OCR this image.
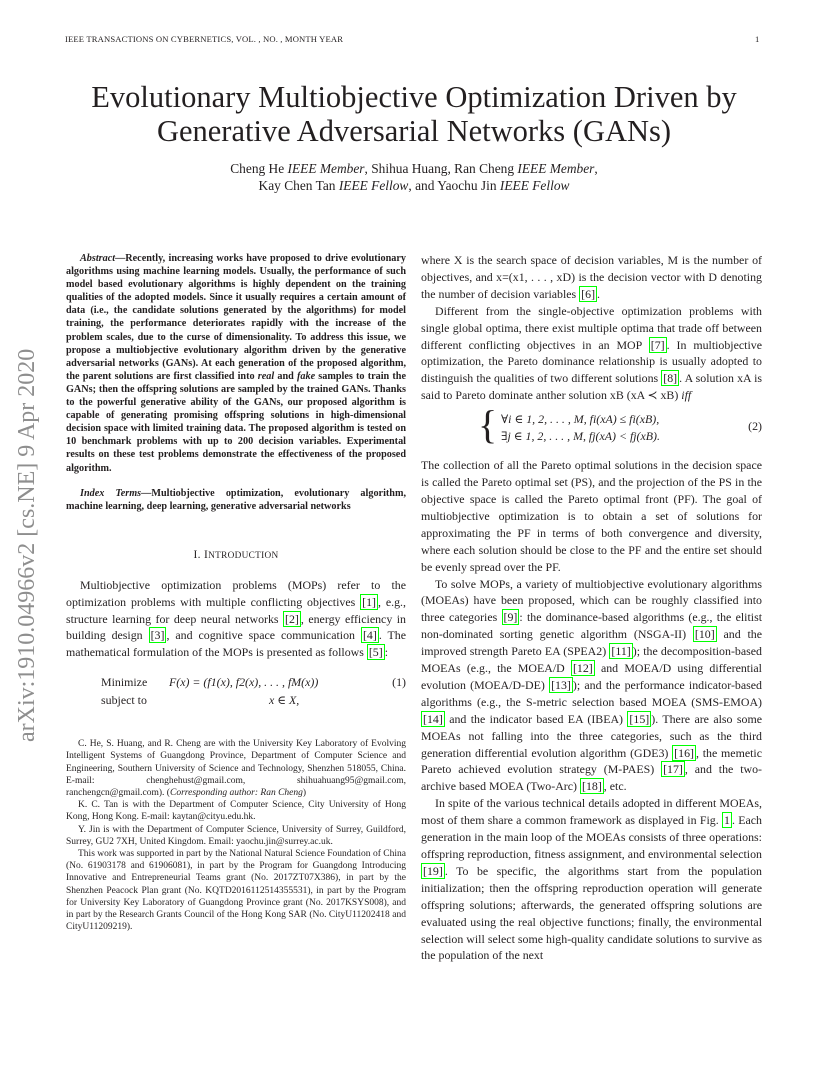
IEEE TRANSACTIONS ON CYBERNETICS, VOL. , NO. , MONTH YEAR	1
Evolutionary Multiobjective Optimization Driven by
Generative Adversarial Networks (GANs)
Cheng He IEEE Member, Shihua Huang, Ran Cheng IEEE Member,
Kay Chen Tan IEEE Fellow, and Yaochu Jin IEEE Fellow
arXiv:1910.04966v2 [cs.NE] 9 Apr 2020

Abstract—Recently, increasing works have proposed to drive evolutionary algorithms using machine learning models. Usually, the performance of such model based evolutionary algorithms is highly dependent on the training qualities of the adopted models. Since it usually requires a certain amount of data (i.e., the candidate solutions generated by the algorithms) for model training, the performance deteriorates rapidly with the increase of the problem scales, due to the curse of dimensionality. To address this issue, we propose a multiobjective evolutionary algorithm driven by the generative adversarial networks (GANs). At each generation of the proposed algorithm, the parent solutions are first classified into real and fake samples to train the GANs; then the offspring solutions are sampled by the trained GANs. Thanks to the powerful generative ability of the GANs, our proposed algorithm is capable of generating promising offspring solutions in high-dimensional decision space with limited training data. The proposed algorithm is tested on 10 benchmark problems with up to 200 decision variables. Experimental results on these test problems demonstrate the effectiveness of the proposed algorithm.

Index Terms—Multiobjective optimization, evolutionary algorithm, machine learning, deep learning, generative adversarial networks

I. INTRODUCTION

Multiobjective optimization problems (MOPs) refer to the optimization problems with multiple conflicting objectives [1] , e.g., structure learning for deep neural networks [2] , energy efficiency in building design [3] , and cognitive space communication [4] . The mathematical formulation of the MOPs is presented as follows [5] :

Minimize F(x) = (f1(x), f2(x), . . . , fM(x))
subject to	x ∈ X,
(1)

C. He, S. Huang, and R. Cheng are with the University Key Laboratory of Evolving Intelligent Systems of Guangdong Province, Department of Computer Science and Engineering, Southern University of Science and Technology, Shenzhen 518055, China. E-mail: chenghehust@gmail.com, shihuahuang95@gmail.com, ranchengcn@gmail.com). (Corresponding author: Ran Cheng)

K. C. Tan is with the Department of Computer Science, City University of Hong Kong, Hong Kong. E-mail: kaytan@cityu.edu.hk.

Y. Jin is with the Department of Computer Science, University of Surrey, Guildford, Surrey, GU2 7XH, United Kingdom. Email: yaochu.jin@surrey.ac.uk.

This work was supported in part by the National Natural Science Foundation of China (No. 61903178 and 61906081), in part by the Program for Guangdong Introducing Innovative and Entrepreneurial Teams grant (No. 2017ZT07X386), in part by the Shenzhen Peacock Plan grant (No. KQTD2016112514355531), in part by the Program for University Key Laboratory of Guangdong Province grant (No. 2017KSYS008), and in part by the Research Grants Council of the Hong Kong SAR (No. CityU11202418 and CityU11209219).

where X is the search space of decision variables, M is the number of objectives, and x=(x1, . . . , xD) is the decision vector with D denoting the number of decision variables [6] .

Different from the single-objective optimization problems with single global optima, there exist multiple optima that trade off between different conflicting objectives in an MOP [7] . In multiobjective optimization, the Pareto dominance relationship is usually adopted to distinguish the qualities of two different solutions [8] . A solution xA is said to Pareto dominate anther solution xB (xA ≺ xB) iff

{ ∀i ∈ 1, 2, . . . , M, fi(xA) ≤ fi(xB),
∃j ∈ 1, 2, . . . , M, fj(xA) < fj(xB).
(2)

The collection of all the Pareto optimal solutions in the decision space is called the Pareto optimal set (PS), and the projection of the PS in the objective space is called the Pareto optimal front (PF). The goal of multiobjective optimization is to obtain a set of solutions for approximating the PF in terms of both convergence and diversity, where each solution should be close to the PF and the entire set should be evenly spread over the PF.

To solve MOPs, a variety of multiobjective evolutionary algorithms (MOEAs) have been proposed, which can be roughly classified into three categories [9] : the dominance-based algorithms (e.g., the elitist non-dominated sorting genetic algorithm (NSGA-II) [10] and the improved strength Pareto EA (SPEA2) [11] ); the decomposition-based MOEAs (e.g., the MOEA/D [12] and MOEA/D using differential evolution (MOEA/D-DE) [13] ); and the performance indicator-based algorithms (e.g., the S-metric selection based MOEA (SMS-EMOA) [14] and the indicator based EA (IBEA) [15] ). There are also some MOEAs not falling into the three categories, such as the third generation differential evolution algorithm (GDE3) [16] , the memetic Pareto achieved evolution strategy (M-PAES) [17] , and the two-archive based MOEA (Two-Arc) [18] , etc.

In spite of the various technical details adopted in different MOEAs, most of them share a common framework as displayed in Fig. 1 . Each generation in the main loop of the MOEAs consists of three operations: offspring reproduction, fitness assignment, and environmental selection [19] . To be specific, the algorithms start from the population initialization; then the offspring reproduction operation will generate offspring solutions; afterwards, the generated offspring solutions are evaluated using the real objective functions; finally, the environmental selection will select some high-quality candidate solutions to survive as the population of the next
